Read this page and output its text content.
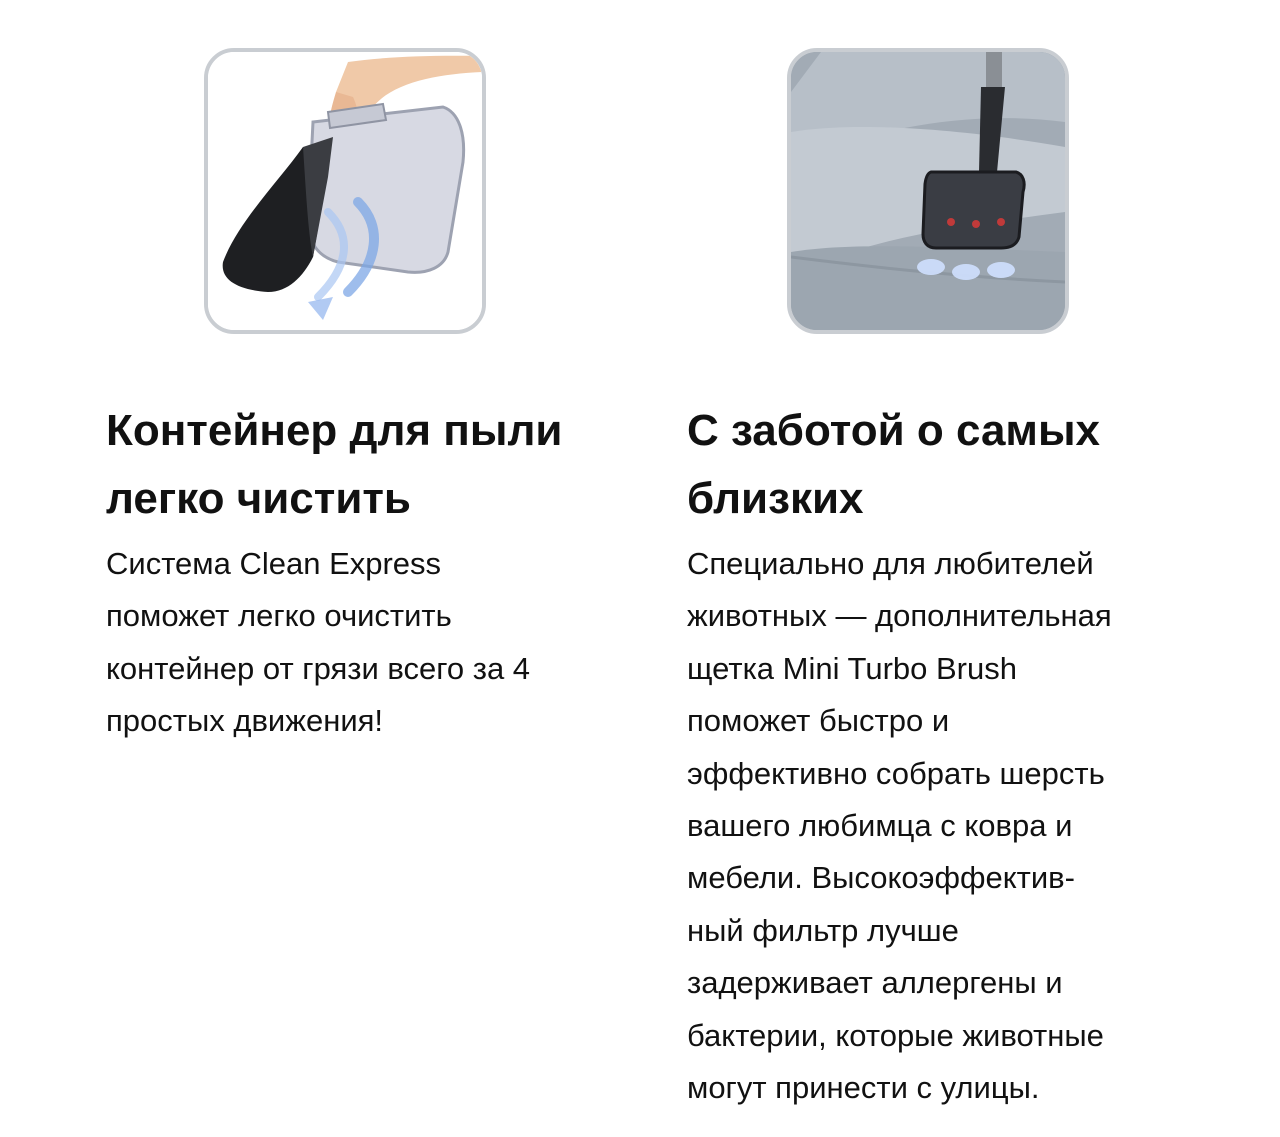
Контейнер для пыли
легко чистить

Система Clean Express
поможет легко очистить
контейнер от грязи всего за 4
простых движения!

С заботой о самых
близких

Специально для любителей
животных — дополнительная
щетка Mini Turbo Brush
поможет быстро и
эффективно собрать шерсть
вашего любимца с ковра и
мебели. Высокоэффектив-
ный фильтр лучше
задерживает аллергены и
бактерии, которые животные
могут принести с улицы.
